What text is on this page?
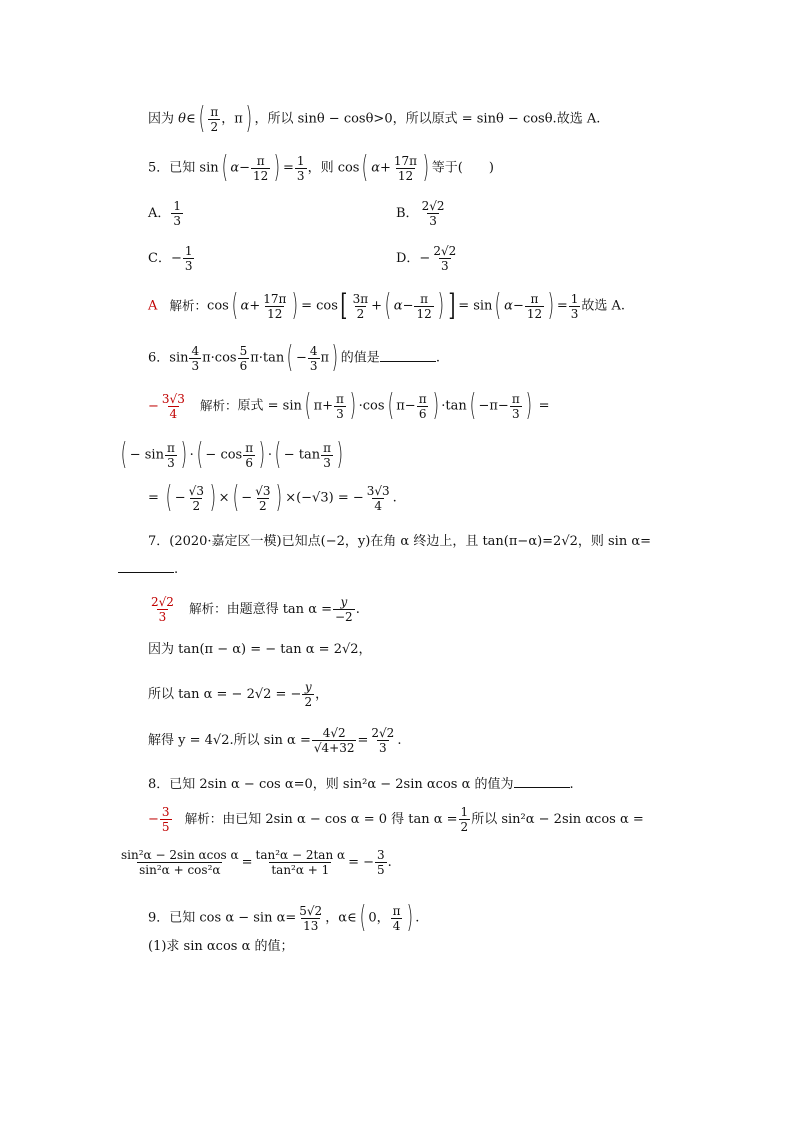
因为 θ∈( $\frac{\pi}{2}$ ，π) ，所以 sinθ − cosθ>0，所以原式 = sinθ − cosθ.故选 A.
5．已知 sin( $\alpha- \frac{\pi}{12}$ ) = $\frac{1}{3}$ ，则 cos( $\alpha+ \frac{17\pi}{12}$ ) 等于(　　)
A． $\frac{1}{3}$	B． $\frac{2√2}{3}$
C．− $\frac{1}{3}$	D．− $\frac{2√2}{3}$
A 解析：cos( $\alpha+ \frac{17\pi}{12}$ ) = $\cos[ \frac{3\pi}{2}$ +( $\alpha- \frac{\pi}{12}$ ) ] = sin( $\alpha- \frac{\pi}{12}$ ) = $\frac{1}{3}$ 故选 A.
6．$\sin \frac{4}{3} \pi\cdot\cos \frac{5}{6} \pi\cdot\tan( - \frac{4}{3} \pi)$ 的值是	.
− $\frac{3√3}{4}$ 解析：原式 = sin( $\pi+ \frac{\pi}{3}$ ) ·cos( $\pi- \frac{\pi}{6}$ ) $\cdot\tan( -\pi- \frac{\pi}{3}$ ) =
( − $\sin \frac{\pi}{3}$ ) ·( − $\cos \frac{\pi}{6}$ ) ·( − $\tan \frac{\pi}{3}$ )
= ( − $\frac{√3}{2}$ ) ×( − $\frac{√3}{2}$ ) ×(−√3) = − $\frac{3√3}{4}$ .
7．(2020·嘉定区一模)已知点(−2，y)在角 α 终边上，且 tan(π−α)=2√2，则 sin α=
.
$\frac{2√2}{3}$ 解析：由题意得 $\tan \alpha = \frac{y}{-2}$ .
因为 tan(π − α) = − tan α = 2√2，
所以 tan α = − 2√2 = − $\frac{y}{2}$ ，
解得 y = 4√2.所以 $\sin \alpha = \frac{4√2}{√4+32} = \frac{2√2}{3}$ .
8．已知 2sin α − cos α=0，则 sin²α − 2sin αcos α 的值为	.
− $\frac{3}{5}$ 解析：由已知 2sin α − cos α = 0 得 $\tan \alpha = \frac{1}{2}$ 所以 sin²α − 2sin αcos α =
$\frac{\text{sin²α − 2sin αcos α}}{\text{sin²α + cos²α}} = \frac{\text{tan²α − 2tan α}}{\text{tan²α + 1}}$ = − $\frac{3}{5}$ .
9．已知 $\cos \alpha - \sin \alpha= \frac{5√2}{13}$ ，α∈( 0， $\frac{\pi}{4}$ ) .
(1)求 sin αcos α 的值；
